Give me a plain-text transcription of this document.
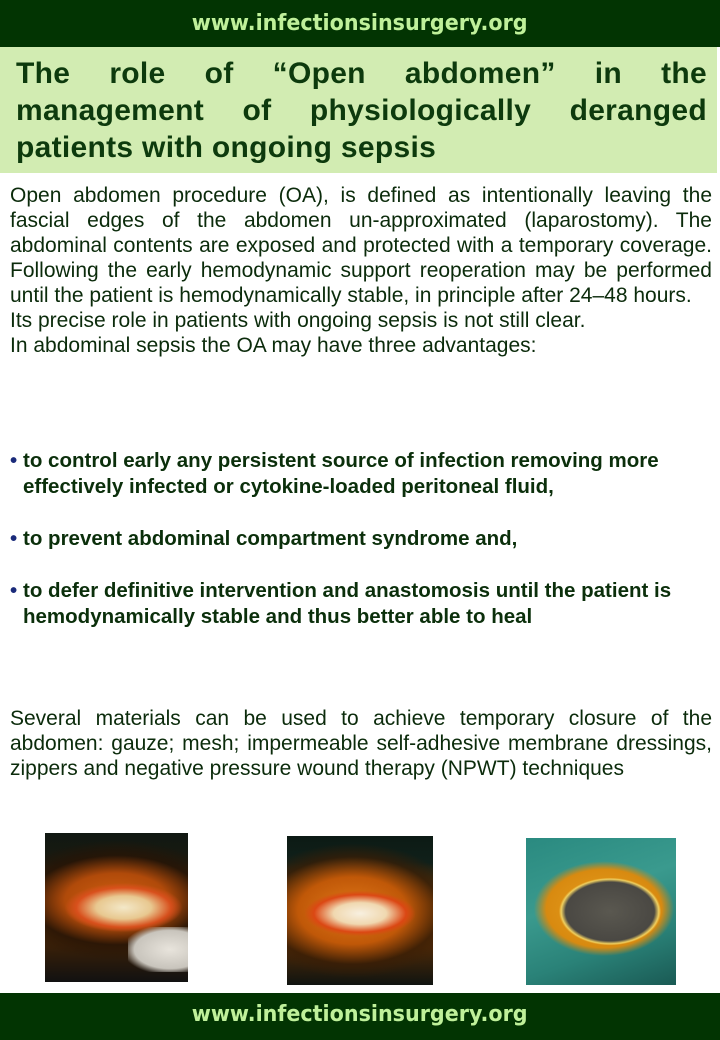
www.infectionsinsurgery.org
The role of “Open abdomen” in the management of physiologically deranged patients with ongoing sepsis

Open abdomen procedure (OA), is defined as intentionally leaving the fascial edges of the abdomen un-approximated (laparostomy). The abdominal contents are exposed and protected with a temporary coverage. Following the early hemodynamic support reoperation may be performed until the patient is hemodynamically stable, in principle after 24–48 hours.

Its precise role in patients with ongoing sepsis is not still clear.

In abdominal sepsis the OA may have three advantages:

• to control early any persistent source of infection removing more effectively infected or cytokine-loaded peritoneal fluid,
• to prevent abdominal compartment syndrome and,
• to defer definitive intervention and anastomosis until the patient is hemodynamically stable and thus better able to heal

Several materials can be used to achieve temporary closure of the abdomen: gauze; mesh; impermeable self-adhesive membrane dressings, zippers and negative pressure wound therapy (NPWT) techniques

www.infectionsinsurgery.org
